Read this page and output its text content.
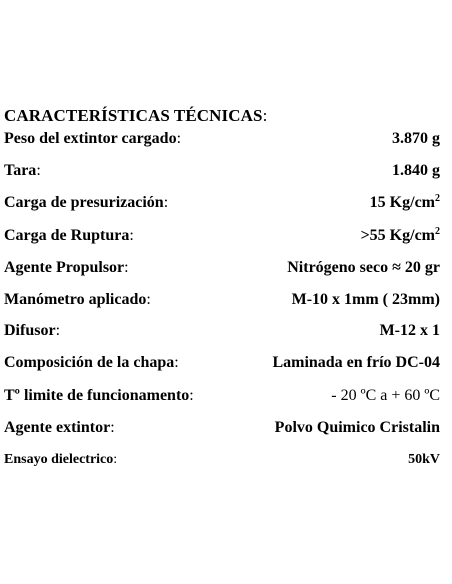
CARACTERÍSTICAS TÉCNICAS:
Peso del extintor cargado:	3.870 g
Tara:	1.840 g
Carga de presurización:	15 $Kg/cm^2$
Carga de Ruptura:	>55 $Kg/cm^2$
Agente Propulsor:	Nitrógeno seco ≈ 20 gr
Manómetro aplicado:	M-10 x 1mm ( 23mm)
Difusor:	M-12 x 1
Composición de la chapa:	Laminada en frío DC-04
Tº limite de funcionamento:	- 20 ºC a + 60 ºC
Agente extintor:	Polvo Quimico Cristalin
Ensayo dielectrico:	50kV
